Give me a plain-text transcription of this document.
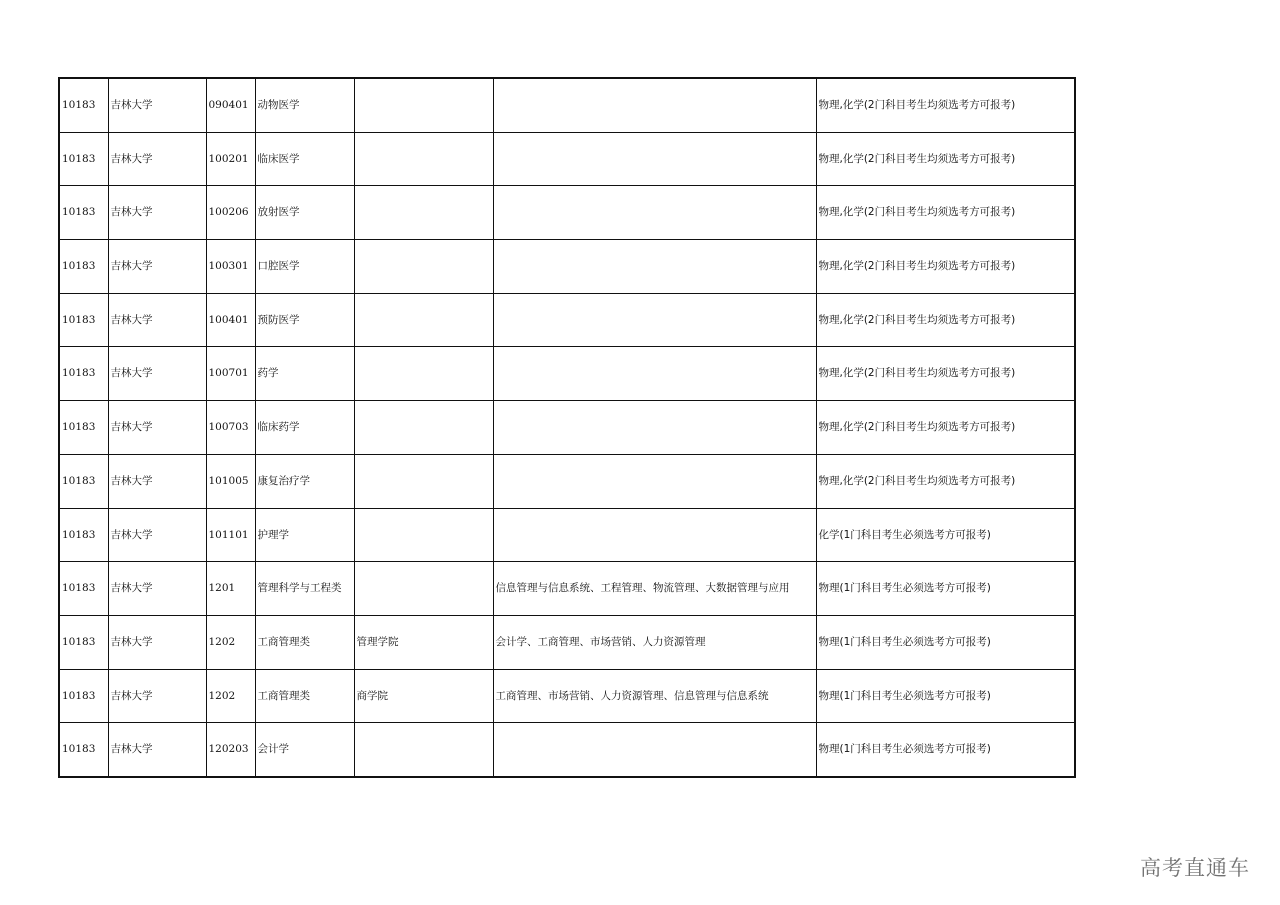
10183	吉林大学	090401	动物医学			物理,化学(2门科目考生均须选考方可报考)
10183	吉林大学	100201	临床医学			物理,化学(2门科目考生均须选考方可报考)
10183	吉林大学	100206	放射医学			物理,化学(2门科目考生均须选考方可报考)
10183	吉林大学	100301	口腔医学			物理,化学(2门科目考生均须选考方可报考)
10183	吉林大学	100401	预防医学			物理,化学(2门科目考生均须选考方可报考)
10183	吉林大学	100701	药学			物理,化学(2门科目考生均须选考方可报考)
10183	吉林大学	100703	临床药学			物理,化学(2门科目考生均须选考方可报考)
10183	吉林大学	101005	康复治疗学			物理,化学(2门科目考生均须选考方可报考)
10183	吉林大学	101101	护理学			化学(1门科目考生必须选考方可报考)
10183	吉林大学	1201	管理科学与工程类		信息管理与信息系统、工程管理、物流管理、大数据管理与应用	物理(1门科目考生必须选考方可报考)
10183	吉林大学	1202	工商管理类	管理学院	会计学、工商管理、市场营销、人力资源管理	物理(1门科目考生必须选考方可报考)
10183	吉林大学	1202	工商管理类	商学院	工商管理、市场营销、人力资源管理、信息管理与信息系统	物理(1门科目考生必须选考方可报考)
10183	吉林大学	120203	会计学			物理(1门科目考生必须选考方可报考)
高考直通车
